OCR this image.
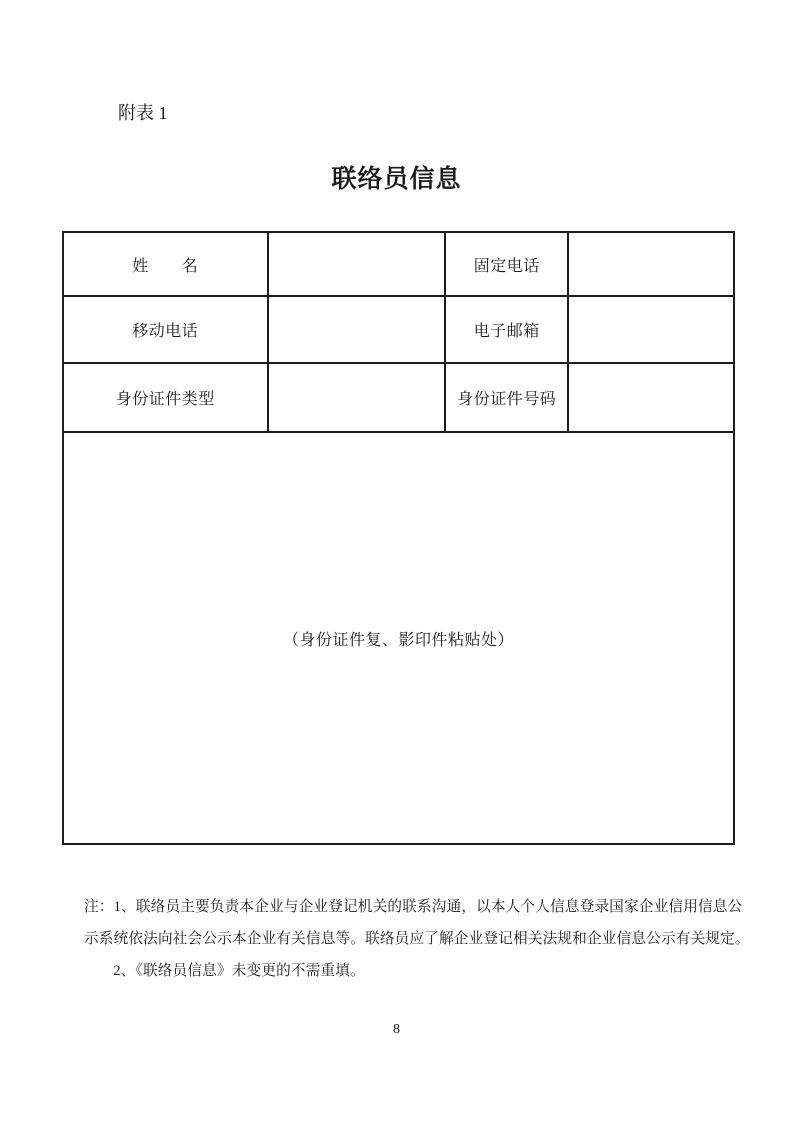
附表 1
联络员信息
姓　　名		固定电话	
移动电话		电子邮箱	
身份证件类型		身份证件号码	
（身份证件复、影印件粘贴处）			
注：1、联络员主要负责本企业与企业登记机关的联系沟通，以本人个人信息登录国家企业信用信息公
示系统依法向社会公示本企业有关信息等。联络员应了解企业登记相关法规和企业信息公示有关规定。
2、《联络员信息》未变更的不需重填。
8
